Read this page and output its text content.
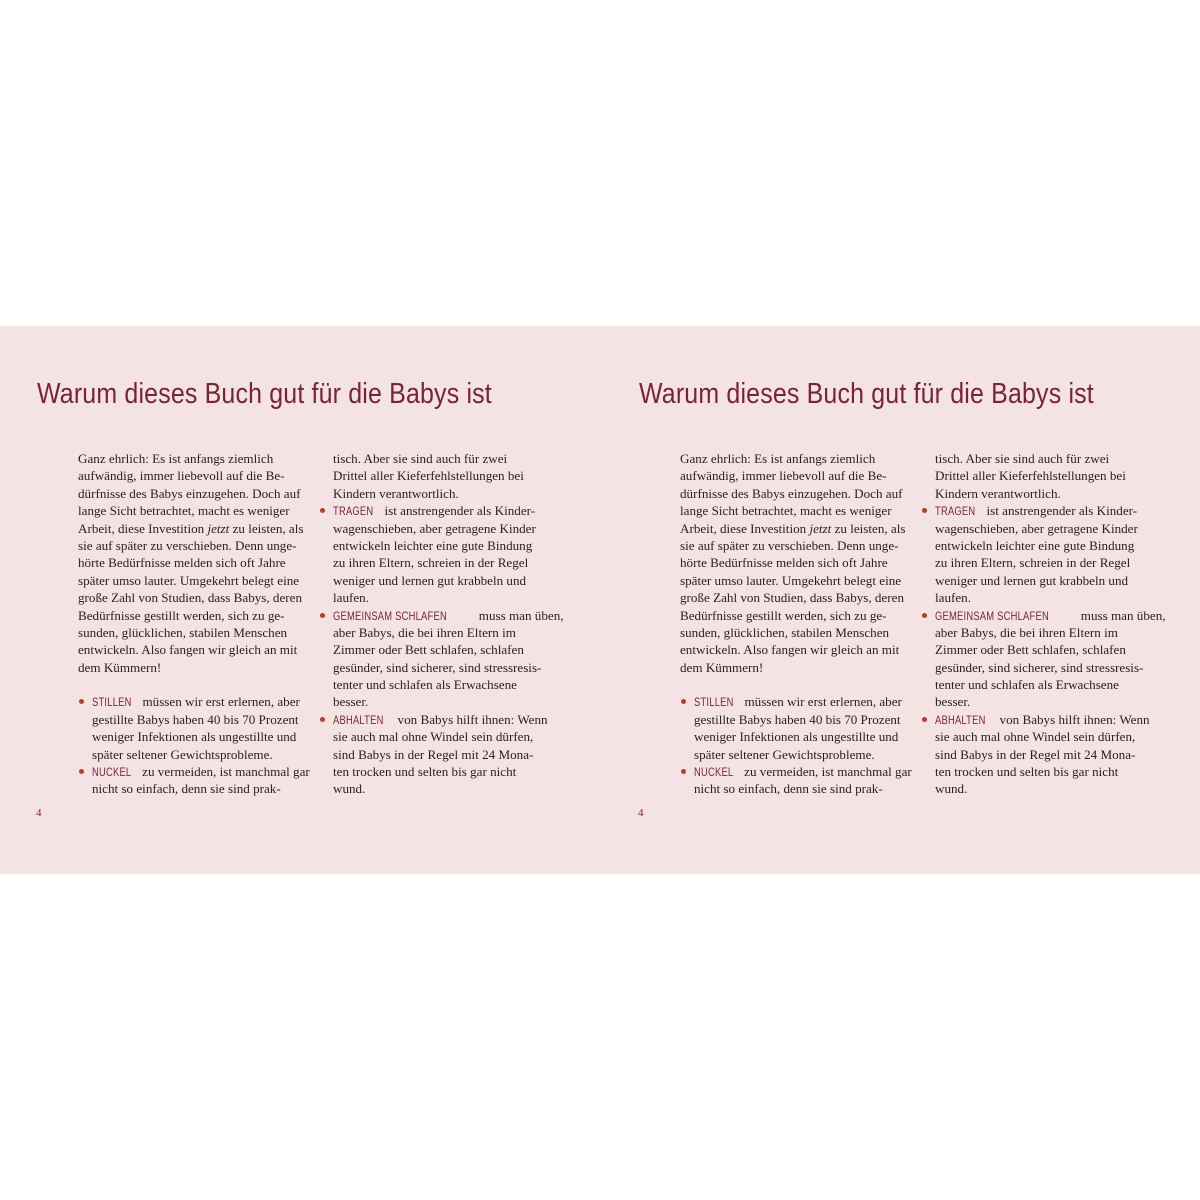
Warum dieses Buch gut für die Babys ist
Ganz ehrlich: Es ist anfangs ziemlich
aufwändig, immer liebevoll auf die Be-
dürfnisse des Babys einzugehen. Doch auf
lange Sicht betrachtet, macht es weniger
Arbeit, diese Investition jetzt zu leisten, als
sie auf später zu verschieben. Denn unge-
hörte Bedürfnisse melden sich oft Jahre
später umso lauter. Umgekehrt belegt eine
große Zahl von Studien, dass Babys, deren
Bedürfnisse gestillt werden, sich zu ge-
sunden, glücklichen, stabilen Menschen
entwickeln. Also fangen wir gleich an mit
dem Kümmern!
STILLEN müssen wir erst erlernen, aber
gestillte Babys haben 40 bis 70 Prozent
weniger Infektionen als ungestillte und
später seltener Gewichtsprobleme.
NUCKEL zu vermeiden, ist manchmal gar
nicht so einfach, denn sie sind prak-
tisch. Aber sie sind auch für zwei
Drittel aller Kieferfehlstellungen bei
Kindern verantwortlich.
TRAGEN ist anstrengender als Kinder-
wagenschieben, aber getragene Kinder
entwickeln leichter eine gute Bindung
zu ihren Eltern, schreien in der Regel
weniger und lernen gut krabbeln und
laufen.
GEMEINSAM SCHLAFEN muss man üben,
aber Babys, die bei ihren Eltern im
Zimmer oder Bett schlafen, schlafen
gesünder, sind sicherer, sind stressresis-
tenter und schlafen als Erwachsene
besser.
ABHALTEN von Babys hilft ihnen: Wenn
sie auch mal ohne Windel sein dürfen,
sind Babys in der Regel mit 24 Mona-
ten trocken und selten bis gar nicht
wund.
4
Warum dieses Buch gut für die Babys ist
Ganz ehrlich: Es ist anfangs ziemlich
aufwändig, immer liebevoll auf die Be-
dürfnisse des Babys einzugehen. Doch auf
lange Sicht betrachtet, macht es weniger
Arbeit, diese Investition jetzt zu leisten, als
sie auf später zu verschieben. Denn unge-
hörte Bedürfnisse melden sich oft Jahre
später umso lauter. Umgekehrt belegt eine
große Zahl von Studien, dass Babys, deren
Bedürfnisse gestillt werden, sich zu ge-
sunden, glücklichen, stabilen Menschen
entwickeln. Also fangen wir gleich an mit
dem Kümmern!
STILLEN müssen wir erst erlernen, aber
gestillte Babys haben 40 bis 70 Prozent
weniger Infektionen als ungestillte und
später seltener Gewichtsprobleme.
NUCKEL zu vermeiden, ist manchmal gar
nicht so einfach, denn sie sind prak-
tisch. Aber sie sind auch für zwei
Drittel aller Kieferfehlstellungen bei
Kindern verantwortlich.
TRAGEN ist anstrengender als Kinder-
wagenschieben, aber getragene Kinder
entwickeln leichter eine gute Bindung
zu ihren Eltern, schreien in der Regel
weniger und lernen gut krabbeln und
laufen.
GEMEINSAM SCHLAFEN muss man üben,
aber Babys, die bei ihren Eltern im
Zimmer oder Bett schlafen, schlafen
gesünder, sind sicherer, sind stressresis-
tenter und schlafen als Erwachsene
besser.
ABHALTEN von Babys hilft ihnen: Wenn
sie auch mal ohne Windel sein dürfen,
sind Babys in der Regel mit 24 Mona-
ten trocken und selten bis gar nicht
wund.
4
